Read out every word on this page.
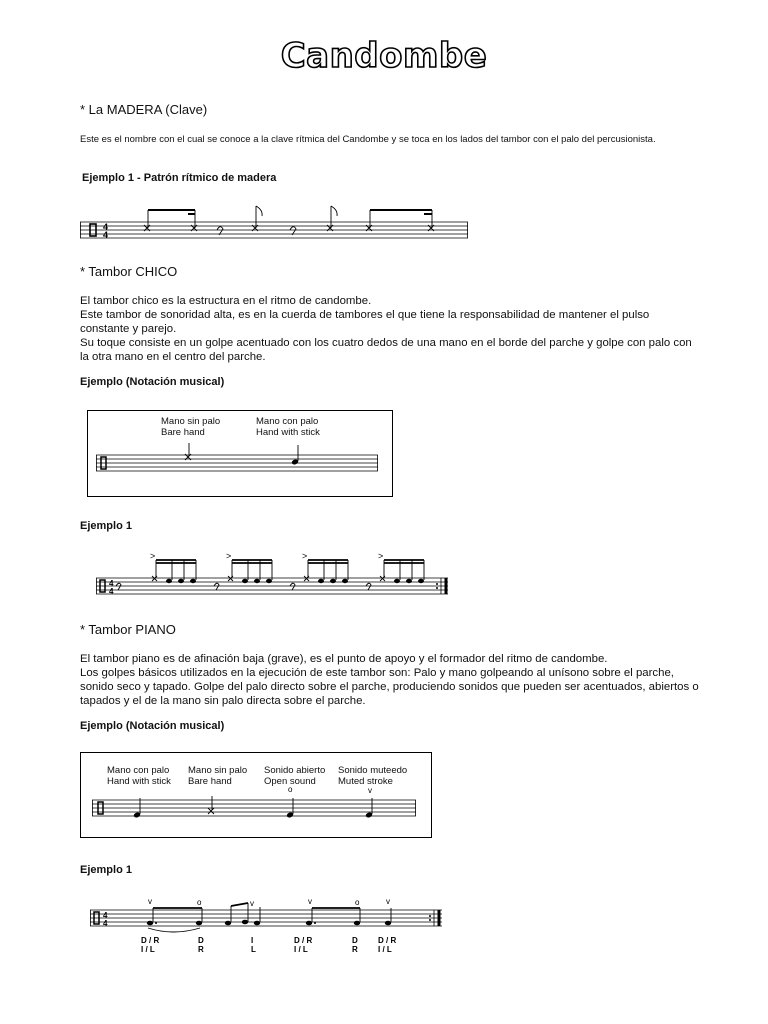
Candombe
* La MADERA (Clave)

Este es el nombre con el cual se conoce a la clave rítmica del Candombe y se toca en los lados del tambor con el palo del percusionista.

Ejemplo 1 - Patrón rítmico de madera
4
4
* Tambor CHICO

El tambor chico es la estructura en el ritmo de candombe.

Este tambor de sonoridad alta, es en la cuerda de tambores el que tiene la responsabilidad de mantener el pulso constante y parejo.

Su toque consiste en un golpe acentuado con los cuatro dedos de una mano en el borde del parche y golpe con palo con la otra mano en el centro del parche.

Ejemplo (Notación musical)
Mano sin palo
Bare hand
Mano con palo
Hand with stick
Ejemplo 1
4
4
>	>	>	>
* Tambor PIANO

El tambor piano es de afinación baja (grave), es el punto de apoyo y el formador del ritmo de candombe.

Los golpes básicos utilizados en la ejecución de este tambor son: Palo y mano golpeando al unísono sobre el parche, sonido seco y tapado. Golpe del palo directo sobre el parche, produciendo sonidos que pueden ser acentuados, abiertos o tapados y el de la mano sin palo directa sobre el parche.

Ejemplo (Notación musical)
Mano con palo
Hand with stick
Mano sin palo
Bare hand
Sonido abierto
Open sound
Sonido muteedo
Muted stroke
o	v
Ejemplo 1
4
4
v	o	v	v	o	v
D / R
I / L
D
R
I
L
D / R
I / L
D
R
D / R
I / L
